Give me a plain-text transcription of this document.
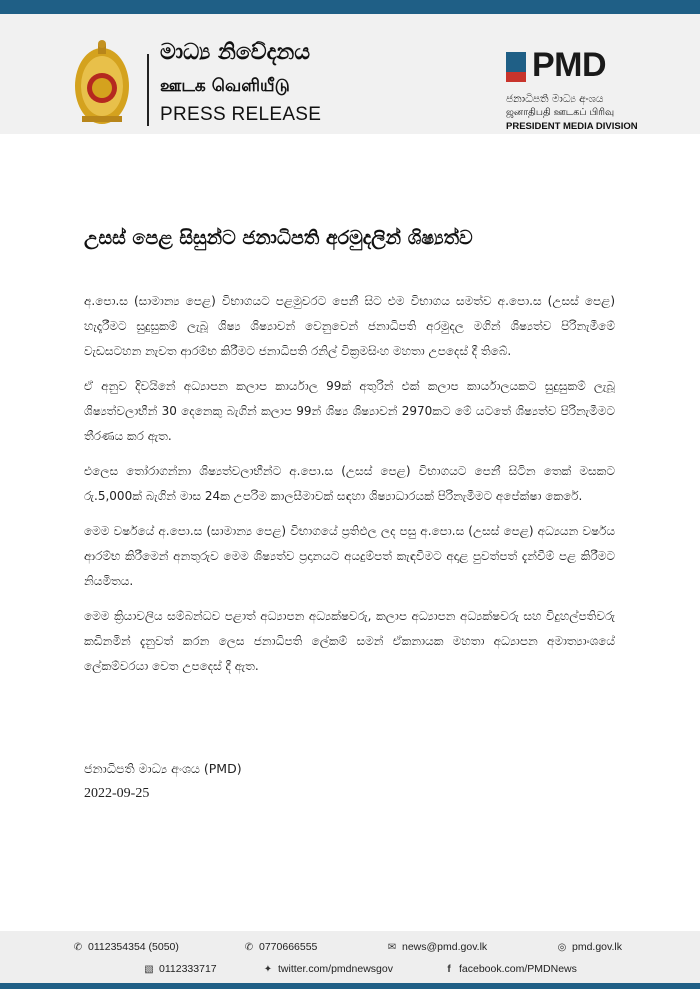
මාධ්‍ය නිවේදනය
ஊடக வெளியீடு
PRESS RELEASE
PMD
ජනාධිපති මාධ්‍ය අංශය
ஜனாதிபதி ஊடகப் பிரிவு
PRESIDENT MEDIA DIVISION
උසස් පෙළ සිසුන්ට ජනාධිපති අරමුදලින් ශිෂ්‍යත්ව

අ.පො.ස (සාමාන්‍ය පෙළ) විභාගයට පළමුවරට පෙනී සිට එම විභාගය සමත්ව අ.පො.ස (උසස් පෙළ) හැදෑරීමට සුදුසුකම් ලැබූ ශිෂ්‍ය ශිෂ්‍යාවන් වෙනුවෙන් ජනාධිපති අරමුදල මගින් ශිෂ්‍යත්ව පිරිනැමීමේ වැඩසටහන නැවත ආරම්භ කිරීමට ජනාධිපති රනිල් වික්‍රමසිංහ මහතා උපදෙස් දී තිබේ.

ඒ අනුව දිවයිනේ අධ්‍යාපන කලාප කාර්යාල 99ක් අතුරින් එක් කලාප කාර්යාලයකට සුදුසුකම් ලැබූ ශිෂ්‍යත්වලාභීන් 30 දෙනෙකු බැගින් කලාප 99න් ශිෂ්‍ය ශිෂ්‍යාවන් 2970කට මේ යටතේ ශිෂ්‍යත්ව පිරිනැමීමට තීරණය කර ඇත.

එලෙස තෝරාගන්නා ශිෂ්‍යත්වලාභීන්ට අ.පො.ස (උසස් පෙළ) විභාගයට පෙනී සිටින තෙක් මසකට රු.5,000ක් බැගින් මාස 24ක උපරිම කාලසීමාවක් සඳහා ශිෂ්‍යාධාරයක් පිරිනැමීමට අපේක්ෂා කෙරේ.

මෙම වර්ෂයේ අ.පො.ස (සාමාන්‍ය පෙළ) විභාගයේ ප්‍රතිඵල ලද පසු අ.පො.ස (උසස් පෙළ) අධ්‍යයන වර්ෂය ආරම්භ කිරීමෙන් අනතුරුව මෙම ශිෂ්‍යත්ව ප්‍රදානයට අයදුම්පත් කැඳවීමට අදාළ පුවත්පත් දැන්වීම් පළ කිරීමට නියමිතය.

මෙම ක්‍රියාවලිය සම්බන්ධව පළාත් අධ්‍යාපන අධ්‍යක්ෂවරු, කලාප අධ්‍යාපන අධ්‍යක්ෂවරු සහ විදුහල්පතිවරු කඩිනමින් දැනුවත් කරන ලෙස ජනාධිපති ලේකම් සමන් ඒකනායක මහතා අධ්‍යාපන අමාත්‍යාංශයේ ලේකම්වරයා වෙත උපදෙස් දී ඇත.

ජනාධිපති මාධ්‍ය අංශය (PMD)
2022-09-25
✆ 0112354354 (5050)	✆ 0770666555	✉ news@pmd.gov.lk	◎ pmd.gov.lk
▧ 0112333717	✦ twitter.com/pmdnewsgov	f facebook.com/PMDNews
